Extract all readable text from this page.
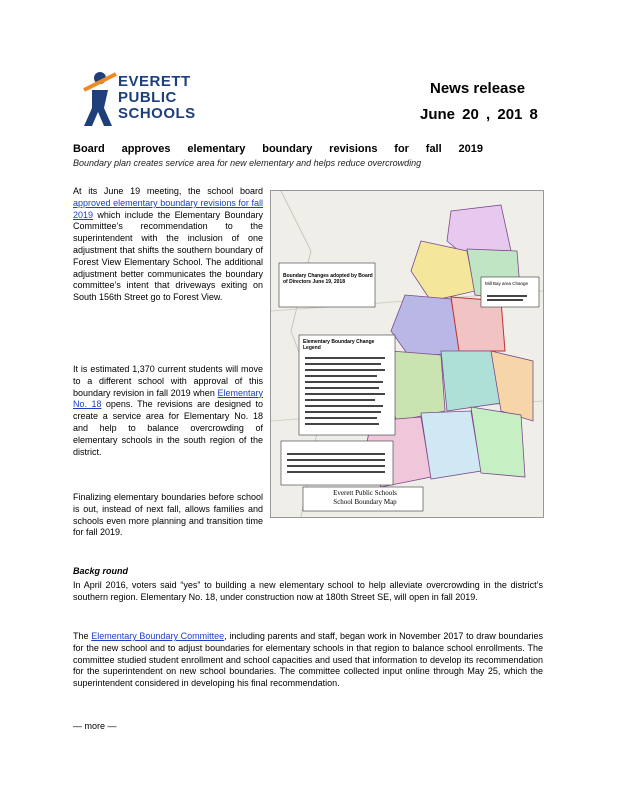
EVERETT
PUBLIC
SCHOOLS
News release
June 20 , 201 8
Board approves elementary boundary revisions for fall 2019
Boundary plan creates service area for new elementary and helps reduce overcrowding
At its June 19 meeting, the school board approved elementary boundary revisions for fall 2019 which include the Elementary Boundary Committee’s recommendation to the superintendent with the inclusion of one adjustment that shifts the southern boundary of Forest View Elementary School. The additional adjustment better communicates the boundary committee’s intent that driveways exiting on South 156th Street go to Forest View.
It is estimated 1,370 current students will move to a different school with approval of this boundary revision in fall 2019 when Elementary No. 18 opens. The revisions are designed to create a service area for Elementary No. 18 and help to balance overcrowding of elementary schools in the south region of the district.
Finalizing elementary boundaries before school is out, instead of next fall, allows families and schools even more planning and transition time for fall 2019.
Boundary Changes adopted by Board of Directors June 19, 2018
Elementary Boundary Change Legend
Mill Bay area Change
Everett Public Schools
School Boundary Map
Backg round
In April 2016, voters said “yes” to building a new elementary school to help alleviate overcrowding in the district’s southern region. Elementary No. 18, under construction now at 180th Street SE, will open in fall 2019.
The Elementary Boundary Committee, including parents and staff, began work in November 2017 to draw boundaries for the new school and to adjust boundaries for elementary schools in that region to balance school enrollments. The committee studied student enrollment and school capacities and used that information to develop its recommendation for the superintendent on new school boundaries. The committee collected input online through May 25, which the superintendent considered in developing his final recommendation.
— more —
